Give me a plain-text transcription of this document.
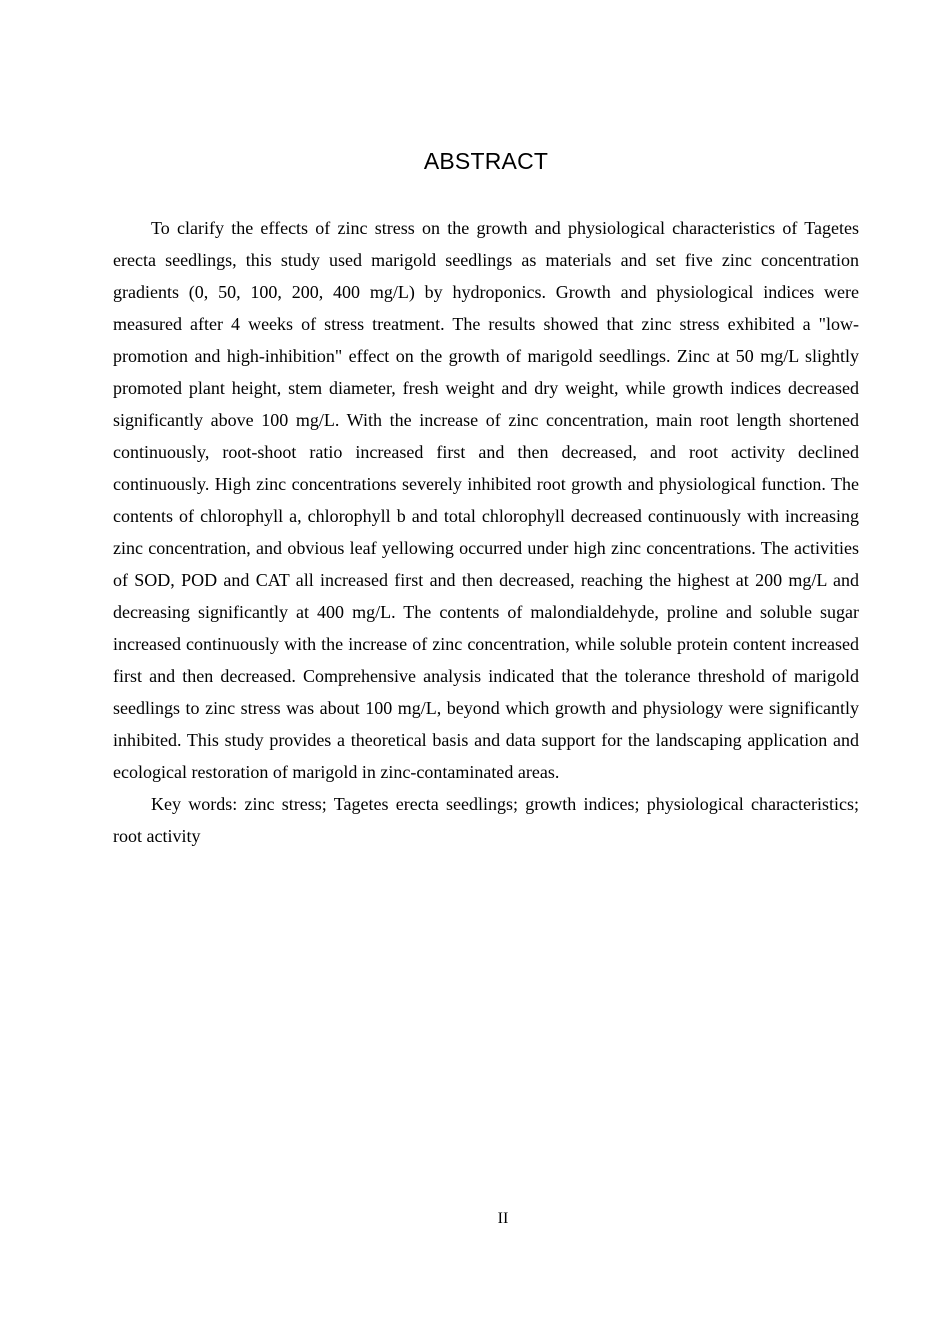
ABSTRACT

To clarify the effects of zinc stress on the growth and physiological characteristics of Tagetes erecta seedlings, this study used marigold seedlings as materials and set five zinc concentration gradients (0, 50, 100, 200, 400 mg/L) by hydroponics. Growth and physiological indices were measured after 4 weeks of stress treatment. The results showed that zinc stress exhibited a "low-promotion and high-inhibition" effect on the growth of marigold seedlings. Zinc at 50 mg/L slightly promoted plant height, stem diameter, fresh weight and dry weight, while growth indices decreased significantly above 100 mg/L. With the increase of zinc concentration, main root length shortened continuously, root-shoot ratio increased first and then decreased, and root activity declined continuously. High zinc concentrations severely inhibited root growth and physiological function. The contents of chlorophyll a, chlorophyll b and total chlorophyll decreased continuously with increasing zinc concentration, and obvious leaf yellowing occurred under high zinc concentrations. The activities of SOD, POD and CAT all increased first and then decreased, reaching the highest at 200 mg/L and decreasing significantly at 400 mg/L. The contents of malondialdehyde, proline and soluble sugar increased continuously with the increase of zinc concentration, while soluble protein content increased first and then decreased. Comprehensive analysis indicated that the tolerance threshold of marigold seedlings to zinc stress was about 100 mg/L, beyond which growth and physiology were significantly inhibited. This study provides a theoretical basis and data support for the landscaping application and ecological restoration of marigold in zinc-contaminated areas.

Key words: zinc stress; Tagetes erecta seedlings; growth indices; physiological characteristics; root activity

II
